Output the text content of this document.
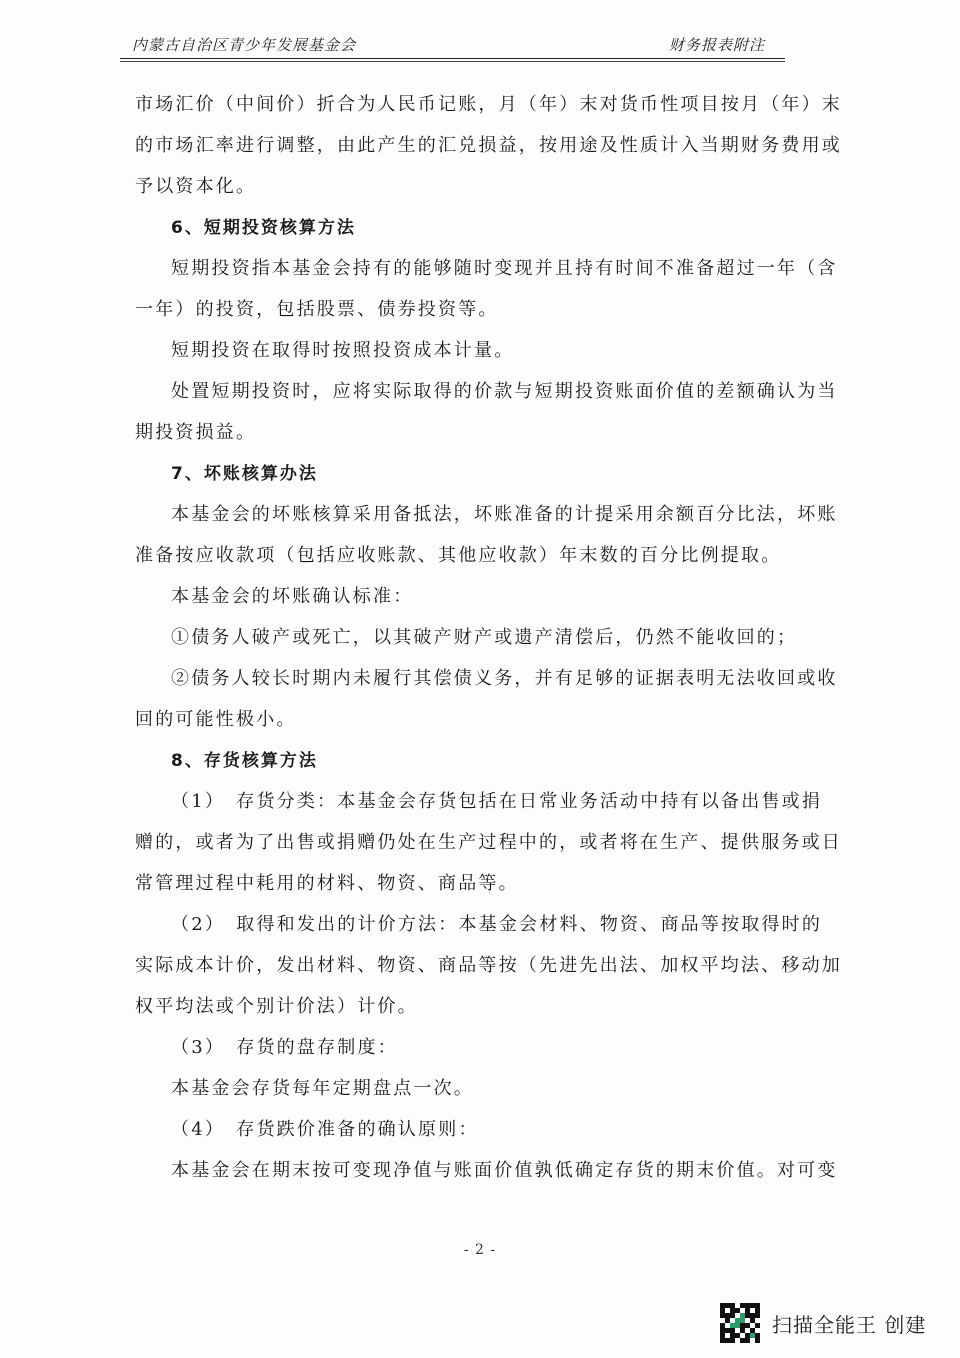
内蒙古自治区青少年发展基金会	财务报表附注
市场汇价（中间价）折合为人民币记账，月（年）末对货币性项目按月（年）末
的市场汇率进行调整，由此产生的汇兑损益，按用途及性质计入当期财务费用或
予以资本化。
6、短期投资核算方法
短期投资指本基金会持有的能够随时变现并且持有时间不准备超过一年（含
一年）的投资，包括股票、债券投资等。
短期投资在取得时按照投资成本计量。
处置短期投资时，应将实际取得的价款与短期投资账面价值的差额确认为当
期投资损益。
7、坏账核算办法
本基金会的坏账核算采用备抵法，坏账准备的计提采用余额百分比法，坏账
准备按应收款项（包括应收账款、其他应收款）年末数的百分比例提取。
本基金会的坏账确认标准：
①债务人破产或死亡，以其破产财产或遗产清偿后，仍然不能收回的；
②债务人较长时期内未履行其偿债义务，并有足够的证据表明无法收回或收
回的可能性极小。
8、存货核算方法
（1）　存货分类：本基金会存货包括在日常业务活动中持有以备出售或捐
赠的，或者为了出售或捐赠仍处在生产过程中的，或者将在生产、提供服务或日
常管理过程中耗用的材料、物资、商品等。
（2）　取得和发出的计价方法：本基金会材料、物资、商品等按取得时的
实际成本计价，发出材料、物资、商品等按（先进先出法、加权平均法、移动加
权平均法或个别计价法）计价。
（3）　存货的盘存制度：
本基金会存货每年定期盘点一次。
（4）　存货跌价准备的确认原则：
本基金会在期末按可变现净值与账面价值孰低确定存货的期末价值。对可变
- 2 -
扫描全能王 创建
